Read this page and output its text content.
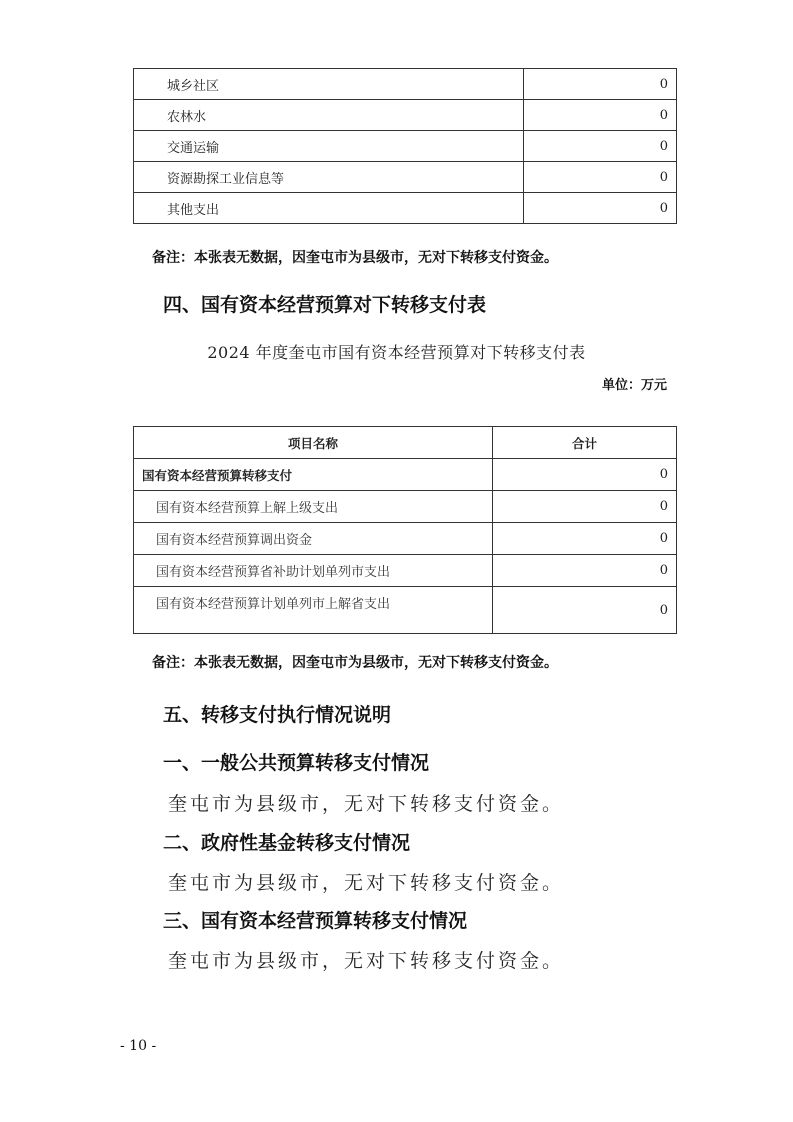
城乡社区	0
农林水	0
交通运输	0
资源勘探工业信息等	0
其他支出	0
备注：本张表无数据，因奎屯市为县级市，无对下转移支付资金。
四、国有资本经营预算对下转移支付表
2024 年度奎屯市国有资本经营预算对下转移支付表
单位：万元
项目名称	合计
国有资本经营预算转移支付	0
国有资本经营预算上解上级支出	0
国有资本经营预算调出资金	0
国有资本经营预算省补助计划单列市支出	0
国有资本经营预算计划单列市上解省支出	0
备注：本张表无数据，因奎屯市为县级市，无对下转移支付资金。
五、转移支付执行情况说明
一、一般公共预算转移支付情况
奎屯市为县级市，无对下转移支付资金。
二、政府性基金转移支付情况
奎屯市为县级市，无对下转移支付资金。
三、国有资本经营预算转移支付情况
奎屯市为县级市，无对下转移支付资金。
- 10 -
